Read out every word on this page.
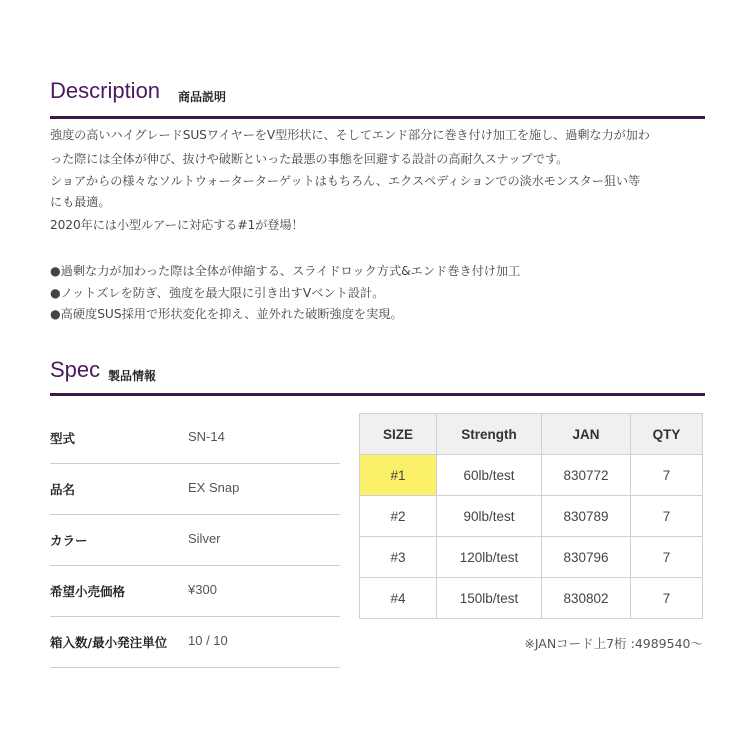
Description 商品説明
強度の高いハイグレードSUSワイヤーをV型形状に、そしてエンド部分に巻き付け加工を施し、過剰な力が加わ
った際には全体が伸び、抜けや破断といった最悪の事態を回避する設計の高耐久スナップです。
ショアからの様々なソルトウォーターターゲットはもちろん、エクスペディションでの淡水モンスター狙い等
にも最適。
2020年には小型ルアーに対応する#1が登場！
●過剰な力が加わった際は全体が伸縮する、スライドロック方式&エンド巻き付け加工
●ノットズレを防ぎ、強度を最大限に引き出すVベント設計。
●高硬度SUS採用で形状変化を抑え、並外れた破断強度を実現。
Spec 製品情報
型式	SN-14
品名	EX Snap
カラー	Silver
希望小売価格	¥300
箱入数/最小発注単位 10 / 10
SIZE	Strength	JAN	QTY
#1	60lb/test	830772	7
#2	90lb/test	830789	7
#3	120lb/test	830796	7
#4	150lb/test	830802	7
※JANコード上7桁 :4989540～
